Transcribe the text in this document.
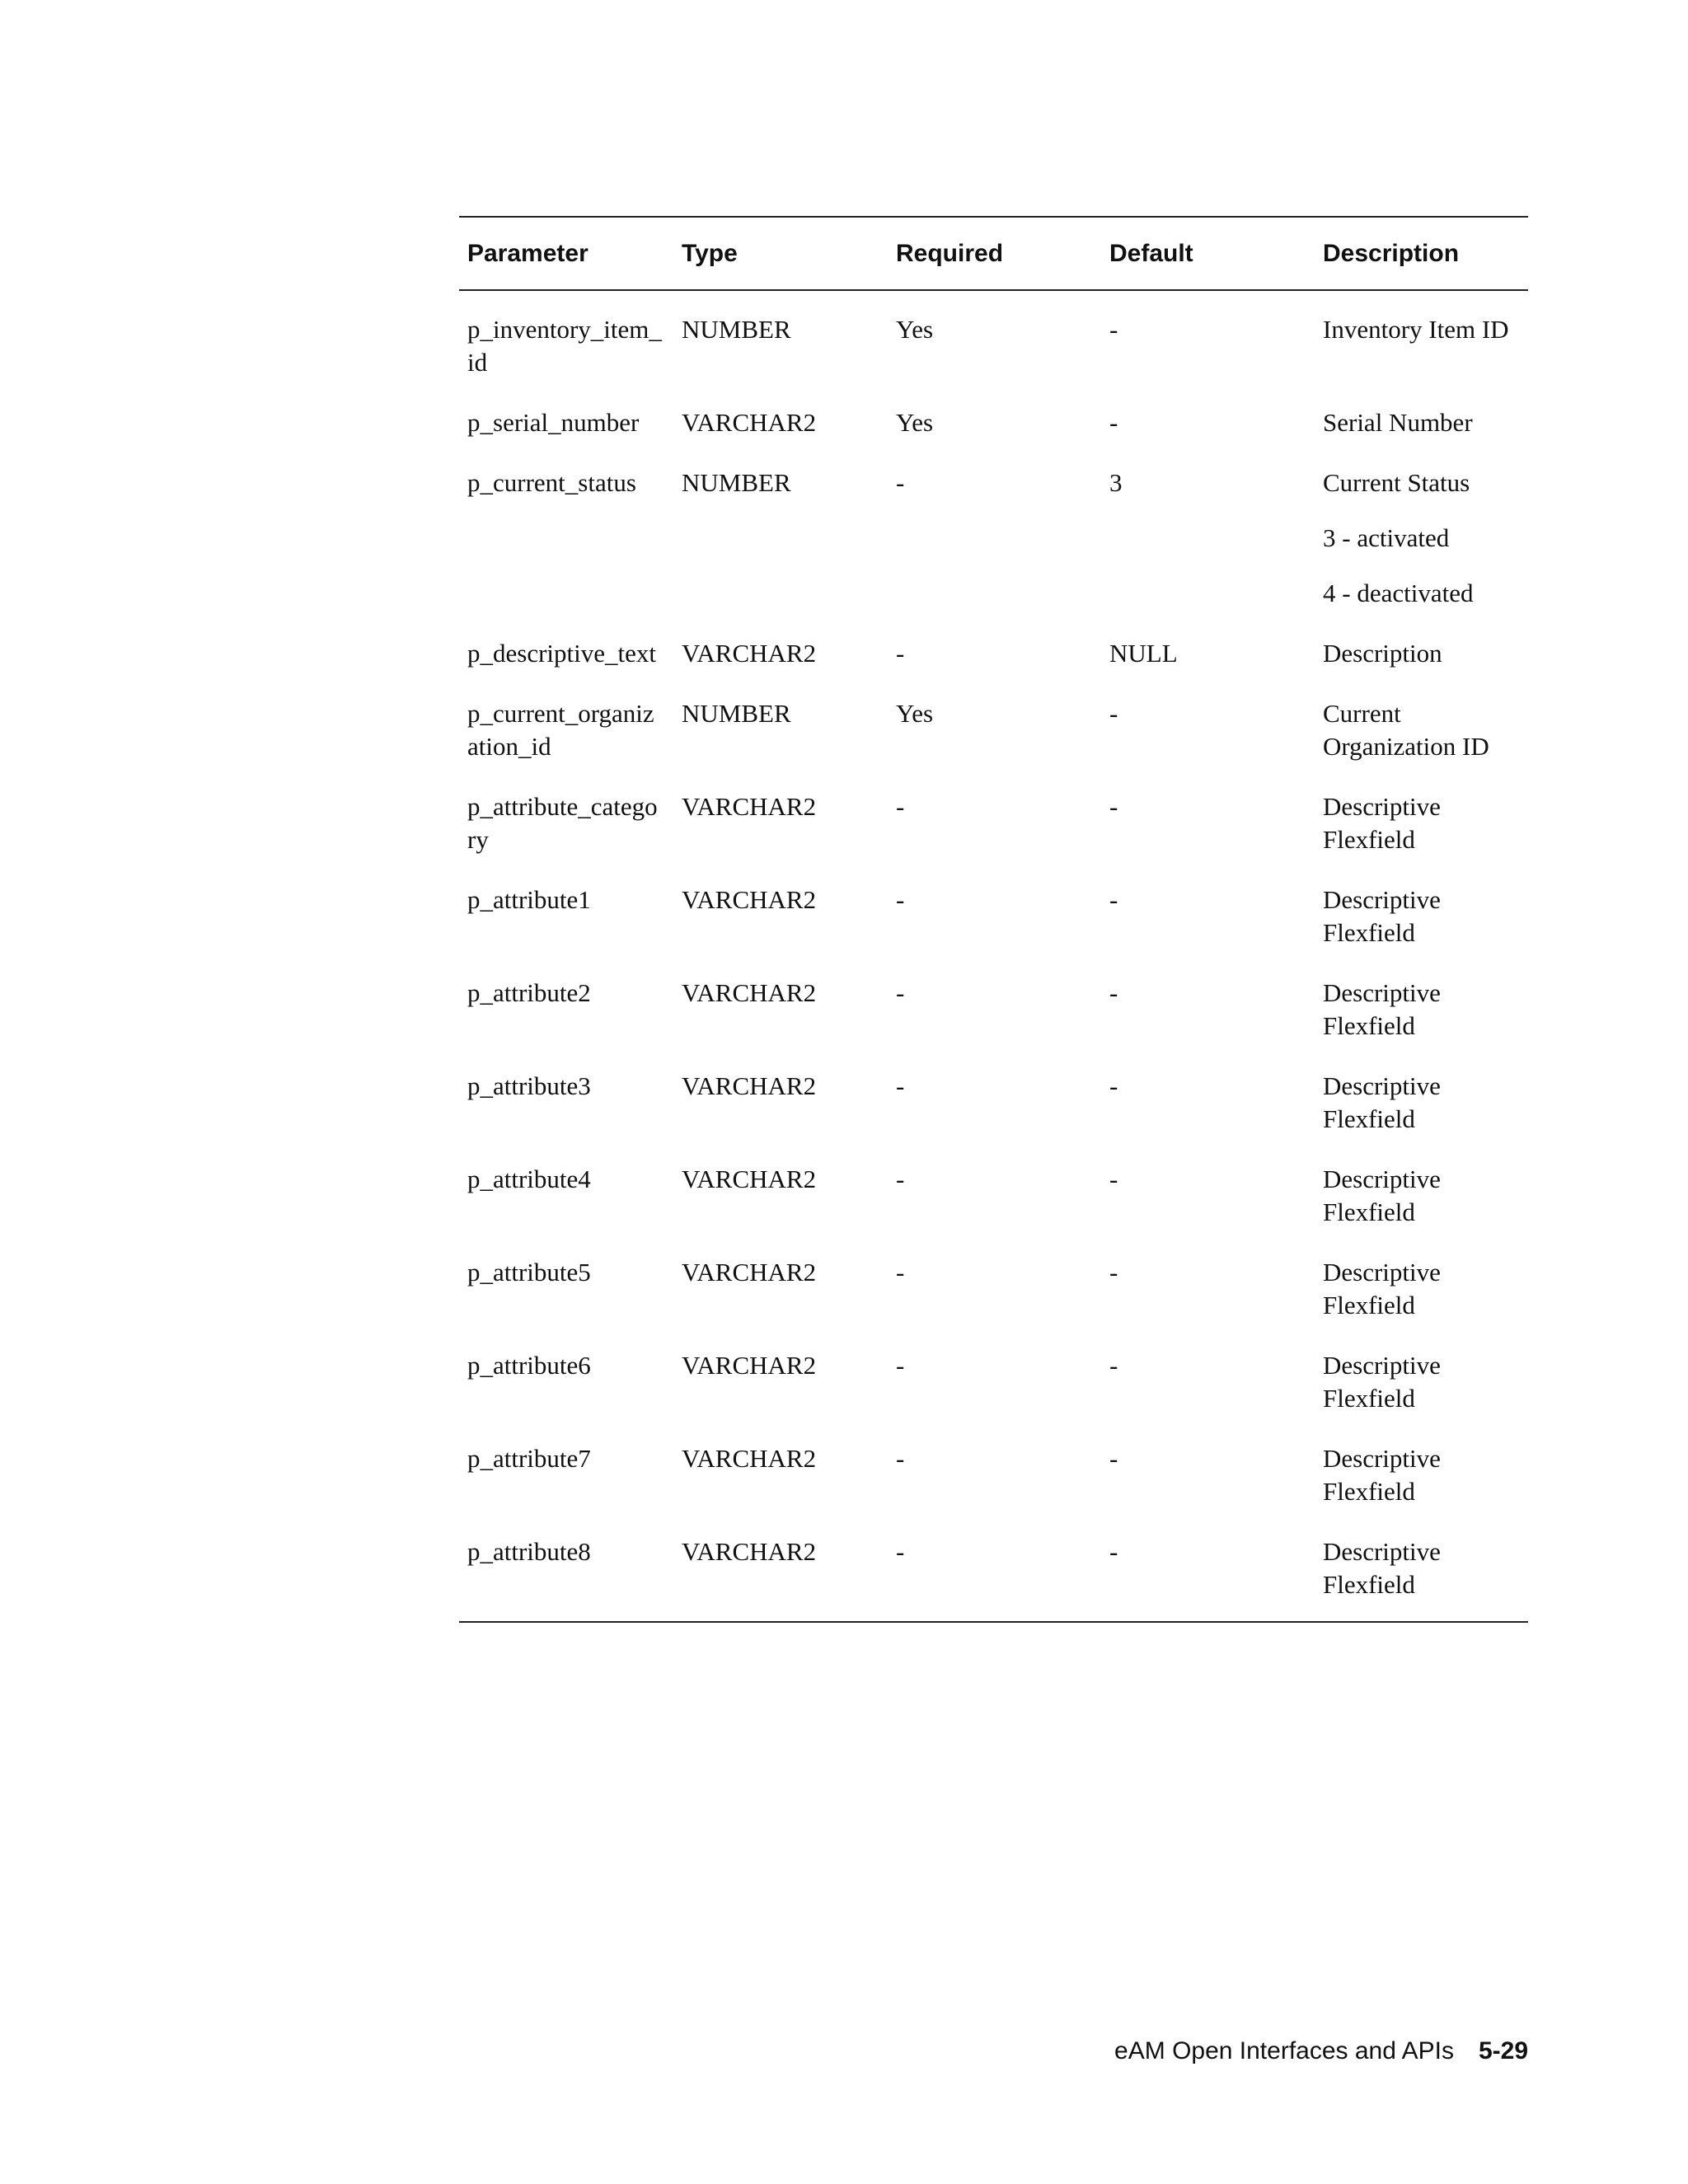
Parameter	Type	Required	Default	Description
p_inventory_item_id	NUMBER	Yes	-	Inventory Item ID

p_serial_number	VARCHAR2	Yes	-	Serial Number

p_current_status	NUMBER	-	3	Current Status
3 - activated
4 - deactivated

p_descriptive_text	VARCHAR2	-	NULL	Description

p_current_organization_id	NUMBER	Yes	-	Current Organization ID

p_attribute_category	VARCHAR2	-	-	Descriptive Flexfield

p_attribute1	VARCHAR2	-	-	Descriptive Flexfield

p_attribute2	VARCHAR2	-	-	Descriptive Flexfield

p_attribute3	VARCHAR2	-	-	Descriptive Flexfield

p_attribute4	VARCHAR2	-	-	Descriptive Flexfield

p_attribute5	VARCHAR2	-	-	Descriptive Flexfield

p_attribute6	VARCHAR2	-	-	Descriptive Flexfield

p_attribute7	VARCHAR2	-	-	Descriptive Flexfield

p_attribute8	VARCHAR2	-	-	Descriptive Flexfield
eAM Open Interfaces and APIs 5-29
